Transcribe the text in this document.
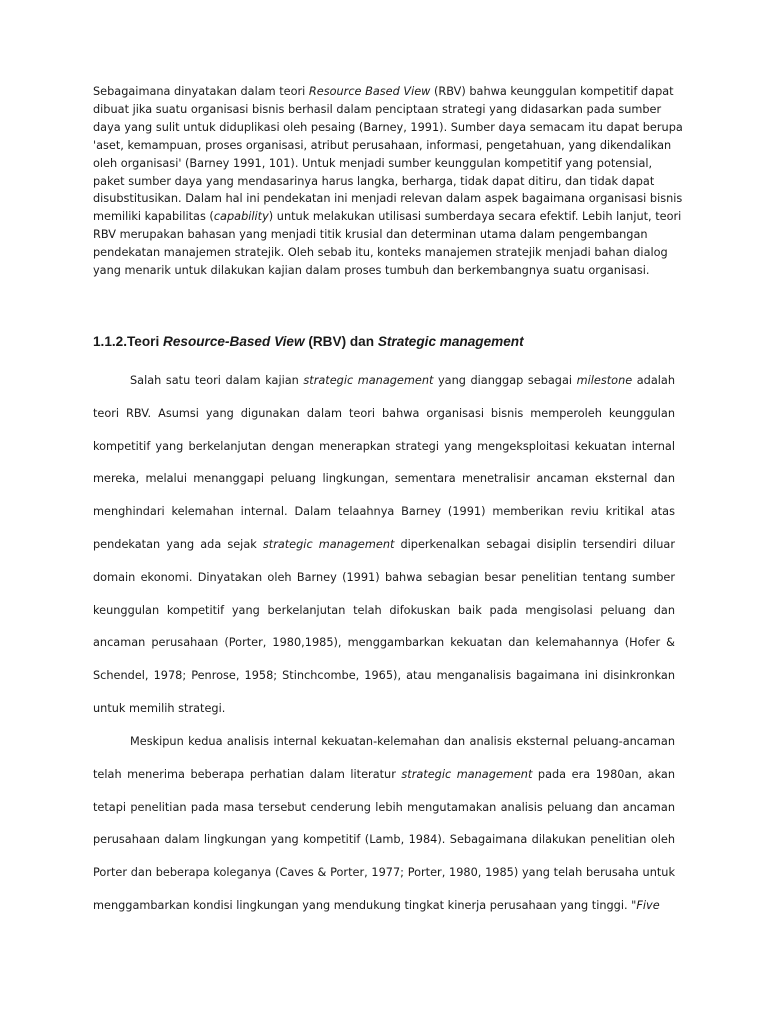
Sebagaimana dinyatakan dalam teori Resource Based View (RBV) bahwa keunggulan kompetitif dapat dibuat jika suatu organisasi bisnis berhasil dalam penciptaan strategi yang didasarkan pada sumber daya yang sulit untuk diduplikasi oleh pesaing (Barney, 1991). Sumber daya semacam itu dapat berupa 'aset, kemampuan, proses organisasi, atribut perusahaan, informasi, pengetahuan, yang dikendalikan oleh organisasi' (Barney 1991, 101). Untuk menjadi sumber keunggulan kompetitif yang potensial, paket sumber daya yang mendasarinya harus langka, berharga, tidak dapat ditiru, dan tidak dapat disubstitusikan. Dalam hal ini pendekatan ini menjadi relevan dalam aspek bagaimana organisasi bisnis memiliki kapabilitas (capability) untuk melakukan utilisasi sumberdaya secara efektif. Lebih lanjut, teori RBV merupakan bahasan yang menjadi titik krusial dan determinan utama dalam pengembangan pendekatan manajemen stratejik. Oleh sebab itu, konteks manajemen stratejik menjadi bahan dialog yang menarik untuk dilakukan kajian dalam proses tumbuh dan berkembangnya suatu organisasi.

1.1.2.Teori Resource-Based View (RBV) dan Strategic management

Salah satu teori dalam kajian strategic management yang dianggap sebagai milestone adalah teori RBV. Asumsi yang digunakan dalam teori bahwa organisasi bisnis memperoleh keunggulan kompetitif yang berkelanjutan dengan menerapkan strategi yang mengeksploitasi kekuatan internal mereka, melalui menanggapi peluang lingkungan, sementara menetralisir ancaman eksternal dan menghindari kelemahan internal. Dalam telaahnya Barney (1991) memberikan reviu kritikal atas pendekatan yang ada sejak strategic management diperkenalkan sebagai disiplin tersendiri diluar domain ekonomi. Dinyatakan oleh Barney (1991) bahwa sebagian besar penelitian tentang sumber keunggulan kompetitif yang berkelanjutan telah difokuskan baik pada mengisolasi peluang dan ancaman perusahaan (Porter, 1980,1985), menggambarkan kekuatan dan kelemahannya (Hofer & Schendel, 1978; Penrose, 1958; Stinchcombe, 1965), atau menganalisis bagaimana ini disinkronkan untuk memilih strategi.

Meskipun kedua analisis internal kekuatan-kelemahan dan analisis eksternal peluang-ancaman telah menerima beberapa perhatian dalam literatur strategic management pada era 1980an, akan tetapi penelitian pada masa tersebut cenderung lebih mengutamakan analisis peluang dan ancaman perusahaan dalam lingkungan yang kompetitif (Lamb, 1984). Sebagaimana dilakukan penelitian oleh Porter dan beberapa koleganya (Caves & Porter, 1977; Porter, 1980, 1985) yang telah berusaha untuk menggambarkan kondisi lingkungan yang mendukung tingkat kinerja perusahaan yang tinggi. "Five
